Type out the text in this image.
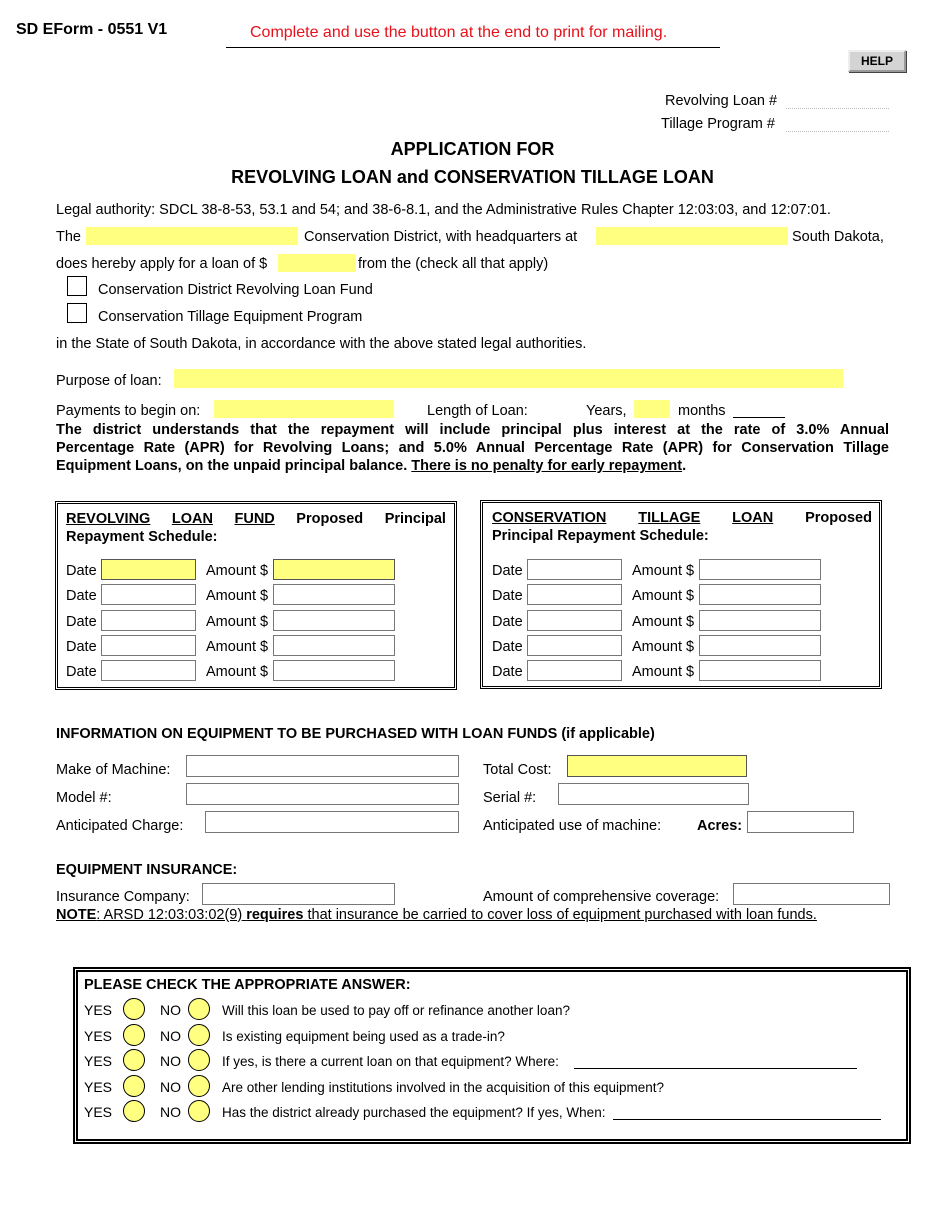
SD EForm - 0551 V1	Complete and use the button at the end to print for mailing.
HELP
Revolving Loan #
Tillage Program #
APPLICATION FOR
REVOLVING LOAN and CONSERVATION TILLAGE LOAN
Legal authority: SDCL 38-8-53, 53.1 and 54; and 38-6-8.1, and the Administrative Rules Chapter 12:03:03, and 12:07:01.
The	Conservation District, with headquarters at	South Dakota,
does hereby apply for a loan of $	from the (check all that apply)
Conservation District Revolving Loan Fund
Conservation Tillage Equipment Program
in the State of South Dakota, in accordance with the above stated legal authorities.
Purpose of loan:
Payments to begin on:	Length of Loan:	Years,	months
The district understands that the repayment will include principal plus interest at the rate of 3.0% Annual
Percentage Rate (APR) for Revolving Loans; and 5.0% Annual Percentage Rate (APR) for Conservation Tillage
Equipment Loans, on the unpaid principal balance. There is no penalty for early repayment.
REVOLVING LOAN FUND Proposed Principal
Repayment Schedule:
Date	Amount $
Date	Amount $
Date	Amount $
Date	Amount $
Date	Amount $
CONSERVATION TILLAGE LOAN Proposed
Principal Repayment Schedule:
Date	Amount $
Date	Amount $
Date	Amount $
Date	Amount $
Date	Amount $
INFORMATION ON EQUIPMENT TO BE PURCHASED WITH LOAN FUNDS (if applicable)
Make of Machine:	Total Cost:
Model #:	Serial #:
Anticipated Charge:	Anticipated use of machine: Acres:
EQUIPMENT INSURANCE:
Insurance Company:	Amount of comprehensive coverage:
NOTE: ARSD 12:03:03:02(9) requires that insurance be carried to cover loss of equipment purchased with loan funds.
PLEASE CHECK THE APPROPRIATE ANSWER:
YES	NO	Will this loan be used to pay off or refinance another loan?
YES	NO	Is existing equipment being used as a trade-in?
YES	NO	If yes, is there a current loan on that equipment? Where:
YES	NO	Are other lending institutions involved in the acquisition of this equipment?
YES	NO	Has the district already purchased the equipment? If yes, When:
